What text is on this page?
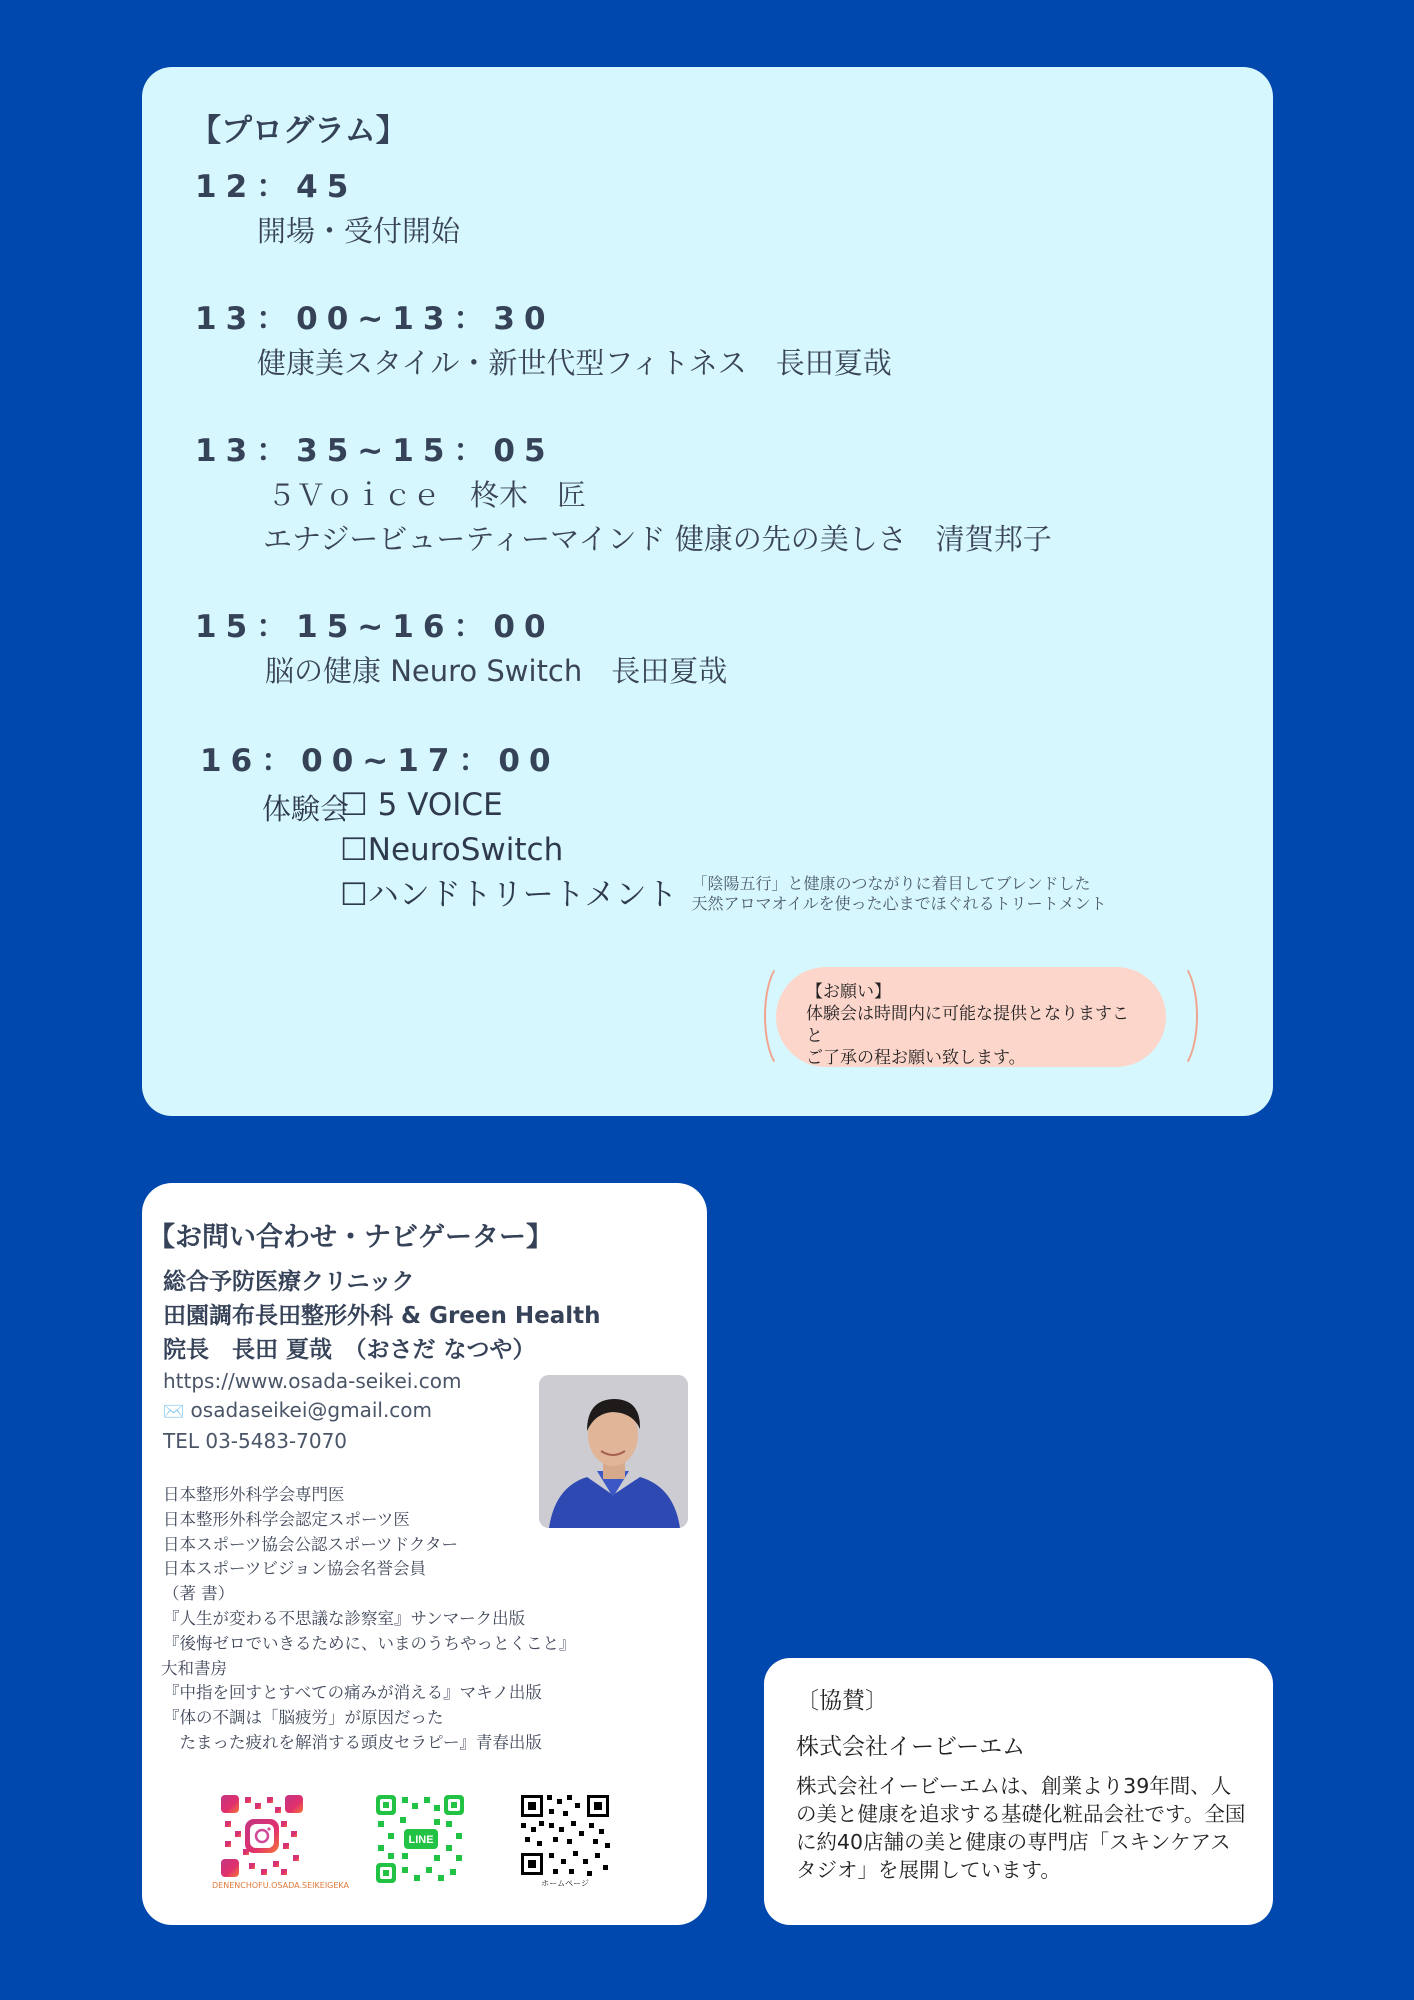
【プログラム】
12：45
開場・受付開始
13：00~13：30
健康美スタイル・新世代型フィトネス　長田夏哉
13：35~15：05
５Ｖｏｉｃｅ　柊木　匠
エナジービューティーマインド 健康の先の美しさ　清賀邦子
15：15~16：00
脳の健康 Neuro Switch　長田夏哉
16：00~17：00
体験会
☐ 5 VOICE
☐NeuroSwitch
☐ハンドトリートメント 「陰陽五行」と健康のつながりに着目してブレンドした
天然アロマオイルを使った心までほぐれるトリートメント
【お願い】
体験会は時間内に可能な提供となりますこと
ご了承の程お願い致します。
【お問い合わせ・ナビゲーター】
総合予防医療クリニック
田園調布長田整形外科 & Green Health
院長　長田 夏哉　（おさだ なつや）
https://www.osada-seikei.com
✉️ osadaseikei@gmail.com
TEL 03-5483-7070
日本整形外科学会専門医
日本整形外科学会認定スポーツ医
日本スポーツ協会公認スポーツドクター
日本スポーツビジョン協会名誉会員
（著 書）
『人生が変わる不思議な診察室』サンマーク出版
『後悔ゼロでいきるために、いまのうちやっとくこと』
大和書房
『中指を回すとすべての痛みが消える』マキノ出版
『体の不調は「脳疲労」が原因だった
　たまった疲れを解消する頭皮セラピー』青春出版
DENENCHOFU.OSADA.SEIKEIGEKA
LINE
ホームページ
〔協賛〕
株式会社イービーエム
株式会社イービーエムは、創業より39年間、人の美と健康を追求する基礎化粧品会社です。全国に約40店舗の美と健康の専門店「スキンケアスタジオ」を展開しています。
